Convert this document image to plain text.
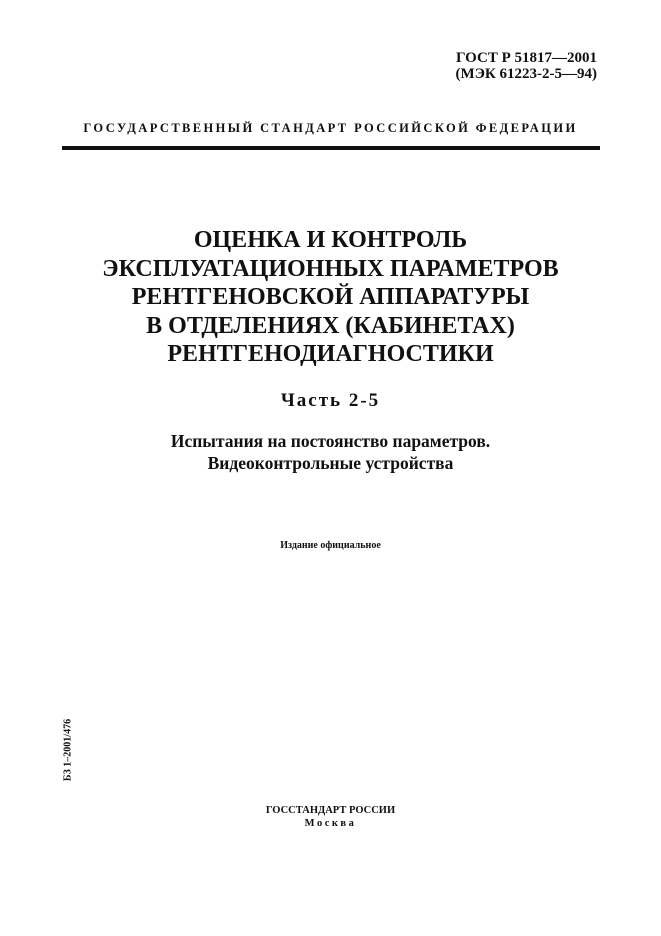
ГОСТ Р 51817—2001
(МЭК 61223-2-5—94)
ГОСУДАРСТВЕННЫЙ СТАНДАРТ РОССИЙСКОЙ ФЕДЕРАЦИИ
ОЦЕНКА И КОНТРОЛЬ
ЭКСПЛУАТАЦИОННЫХ ПАРАМЕТРОВ
РЕНТГЕНОВСКОЙ АППАРАТУРЫ
В ОТДЕЛЕНИЯХ (КАБИНЕТАХ)
РЕНТГЕНОДИАГНОСТИКИ
Часть 2-5
Испытания на постоянство параметров.
Видеоконтрольные устройства
Издание официальное
БЗ 1–2001/476
ГОССТАНДАРТ РОССИИ
Москва
